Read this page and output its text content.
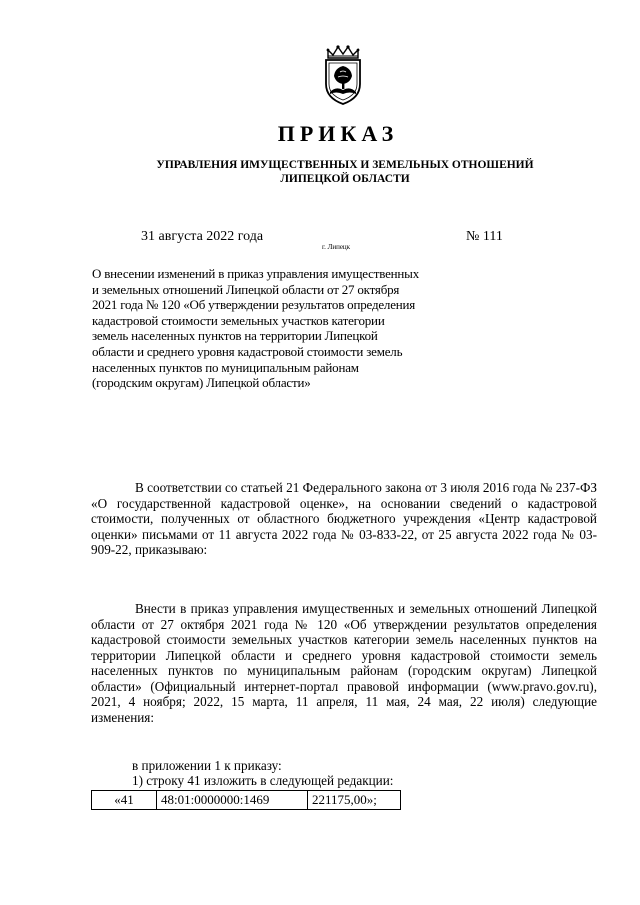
ПРИКАЗ
УПРАВЛЕНИЯ ИМУЩЕСТВЕННЫХ И ЗЕМЕЛЬНЫХ ОТНОШЕНИЙ
ЛИПЕЦКОЙ ОБЛАСТИ
31 августа 2022 года	№ 111
г. Липецк
О внесении изменений в приказ управления имущественных и земельных отношений Липецкой области от 27 октября 2021 года № 120 «Об утверждении результатов определения кадастровой стоимости земельных участков категории земель населенных пунктов на территории Липецкой области и среднего уровня кадастровой стоимости земель населенных пунктов по муниципальным районам (городским округам) Липецкой области»
В соответствии со статьей 21 Федерального закона от 3 июля 2016 года № 237-ФЗ «О государственной кадастровой оценке», на основании сведений о кадастровой стоимости, полученных от областного бюджетного учреждения «Центр кадастровой оценки» письмами от 11 августа 2022 года № 03-833-22, от 25 августа 2022 года № 03-909-22, приказываю:
Внести в приказ управления имущественных и земельных отношений Липецкой области от 27 октября 2021 года № 120 «Об утверждении результатов определения кадастровой стоимости земельных участков категории земель населенных пунктов на территории Липецкой области и среднего уровня кадастровой стоимости земель населенных пунктов по муниципальным районам (городским округам) Липецкой области» (Официальный интернет-портал правовой информации (www.pravo.gov.ru), 2021, 4 ноября; 2022, 15 марта, 11 апреля, 11 мая, 24 мая, 22 июля) следующие изменения:
в приложении 1 к приказу:
1) строку 41 изложить в следующей редакции:
«41	48:01:0000000:1469	221175,00»;
